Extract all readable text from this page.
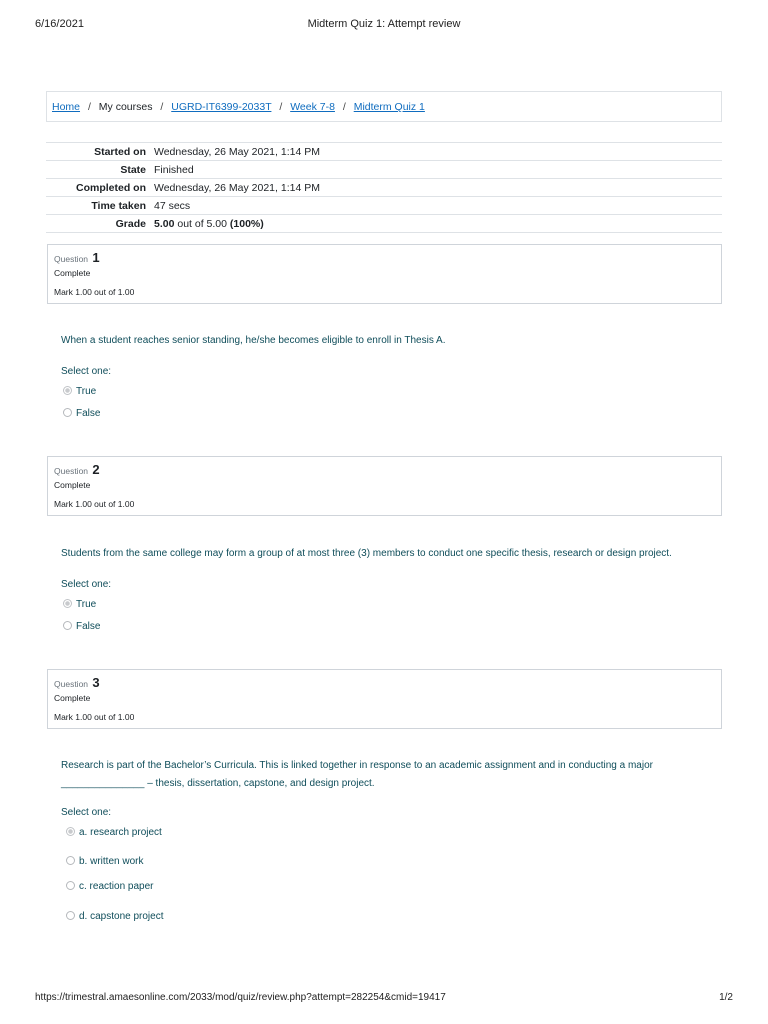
6/16/2021	Midterm Quiz 1: Attempt review
Home / My courses / UGRD-IT6399-2033T / Week 7-8 / Midterm Quiz 1
Started on	Wednesday, 26 May 2021, 1:14 PM
State	Finished
Completed on	Wednesday, 26 May 2021, 1:14 PM
Time taken	47 secs
Grade	5.00 out of 5.00 (100%)
Question 1
Complete
Mark 1.00 out of 1.00
When a student reaches senior standing, he/she becomes eligible to enroll in Thesis A.
Select one:
True
False
Question 2
Complete
Mark 1.00 out of 1.00
Students from the same college may form a group of at most three (3) members to conduct one specific thesis, research or design project.
Select one:
True
False
Question 3
Complete
Mark 1.00 out of 1.00
Research is part of the Bachelor’s Curricula. This is linked together in response to an academic assignment and in conducting a major
_______________ – thesis, dissertation, capstone, and design project.
Select one:
a. research project
b. written work
c. reaction paper
d. capstone project
https://trimestral.amaesonline.com/2033/mod/quiz/review.php?attempt=282254&cmid=19417	1/2
